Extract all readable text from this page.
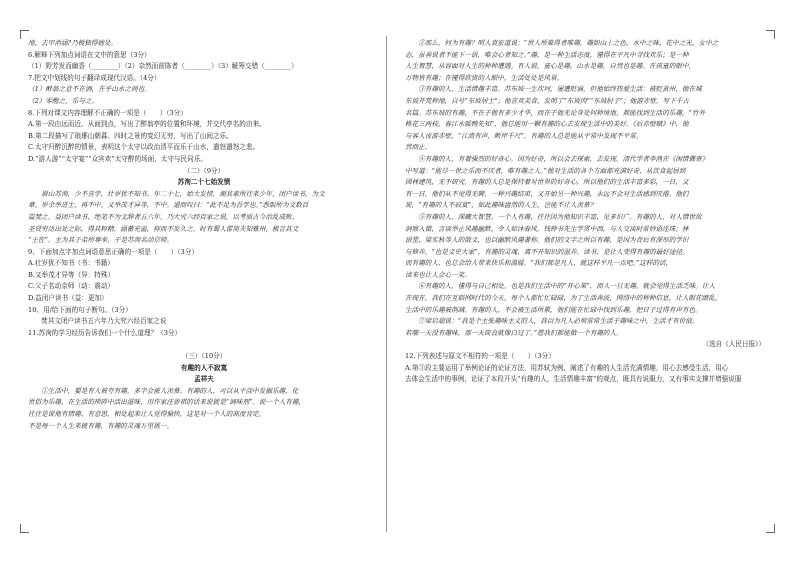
地，去甲消涵?乃极独得她处。

6.解释下列加点词语在文中的意思（3分）

（1）野芳发而幽香（________）（2）杂然而前陈者（________）（3）觥筹交错（________）

7.把文中划线的句子翻译成现代汉语。（4分）

（1）醉翁之意不在酒，在乎山水之间也。

（2）零醒之，乐与之。

8.下列对课文内容理解不正确的一项是（　　）（3分）

A.第一段由远而近、从面到点，写出了醉翁亭的位置和环境，并交代亭名的由来。

B.第二段描写了琅琊山朝暮、四时之景的变幻无穷，写出了山间之乐。

C.太守归醉沉醉的情景，表明这个太守以政治清平而乐于山水，遣怒遣怒之悲。

D.“游人游”“太守宴””众宾欢“太守醉的场面，太守与民同乐。

（二）（9分）

苏洵二十七始发愤

眉山苏洵，少不喜学，壮岁犹不知书。年二十七，始大发愤，谢其素所往来少年，闭户读书，为文

章。岁余举进士，再不中。又举茂才异等，不中。退而叹曰：“此不足为吾学也。”悉取所为文数百

篇焚之。益闭户读书，绝笔不为文辞者五六年。乃大究六经百家之说，以考质古今治乱成败、

圣贤穷达出处之际，得其粹精，涵蓄充溢，抑而不发久之。时有蜀人雷简夫知雅州，极言其文

“王佐”。主为其子弟所尊奉，于是苏洵名动京师。

9、下面加点字加点词语意思正确的一项是（　　）（3分）

A.壮岁犹不知书（书：书籍）

B.又举茂才异等（异：特殊）

C.父子名动京师（动：震动）

D.益闭户读书（益：更加）

10、用/给下面的句子断句。（3分）

　　焚其文闭户读书五六年乃大究六经百家之说

11.苏洵的学习经历告诉我们一个什么道理？（3分）

（三）（10分）

有趣的人不寂寞

孟祥夫

①生活中，要是有人被夸有趣，多半会被人羡慕。有趣的人，可以从平淡中发掘乐趣，化

世俗为乐趣，在生活的琐碎中活出滋味，用作家汪曾祺的话来说就是“调味剂”。说一个人有趣，

往往是说他有情趣、有意思，相处起来让人觉得愉快，这是对一个人的高度肯定。

不是每一个人生来就有趣，有趣的灵魂万里挑一。

②那么，何为有趣？明人袁宏道说：“世人所难得者唯趣。趣如山上之色，水中之味，花中之光，女中之

态，虽善说者不能下一语，唯会心者知之。”趣，是一种生活态度，懂得在平凡中寻找欢乐；是一种

人生智慧，从容面对人生的种种遭遇。有人说，童心是趣，山水是趣，自然也是趣。在孩童的眼中，

万物皆有趣；在懂得欣赏的人眼中，生活处处是风景。

③有趣的人，生活情趣丰富。苏东坡一生坎坷，屡遭贬谪，但他始终热爱生活：被贬黄州，他在城

东坡开荒种地，自号“东坡居士”；他喜欢美食，发明了“东坡肉”“东坡肘子”；他游赤壁，写下千古

名篇。苏东坡的有趣，不在于他有多少才华，而在于他无论身处何种境地，都能找到生活的乐趣，“竹外

桃花三两枝，春江水暖鸭先知”，他总能用一颗有趣的心去发现生活中的美好。《后赤壁赋》中，他

与客人夜游赤壁，“江流有声，断岸千尺”，有趣的人总是能从平常中发现不平常。

然而止。

④有趣的人，有着强烈的好奇心。因为好奇，所以会去探索，去发现。清代学者李渔在《闲情偶寄》

中写道：“能尽一世之乐而不厌者，唯有趣之人。”他对生活的各个方面都充满好奇，从饮食起居到

园林建筑，无不研究。有趣的人总是保持着对世界的好奇心，所以他们的生活丰富多彩，一日，又

有一日，他们从不觉得无聊，一种兴趣结束，又开始另一种兴趣，永远不会对生活感到厌倦。他们

说，“有趣的人不寂寞”，如此趣味盎然的人生，岂能不让人羡慕？

⑤有趣的人，深藏大智慧。一个人有趣，往往因为他知识丰富、见多识广。有趣的人，对人情世故

洞察入微，言谈举止风趣幽默，令人如沐春风。钱钟书先生学贯中西，与人交谈时常妙语连珠；林

语堂、梁实秋等人的散文，也以幽默风趣著称。他们的文字之所以有趣，是因为背后有深厚的学识

与修养。“也是文史大家”，有趣的灵魂，离不开知识的滋养。读书，是让人变得有趣的最好途径。

而有趣的人，也总会给人带来快乐和温暖。“我们都是凡人，就这样平凡一点吧。”这样的话，

读来也让人会心一笑。

⑥有趣的人，懂得与自己相处。也是我们生活中的“开心果”，而人一旦无趣，就会觉得生活乏味。让人

在现在，我们在互联网时代的今天，每个人都忙忙碌碌，为了生活奔波，网络中的种种信息，让人眼花缭乱，

生活中的乐趣被削减。有趣的人，不会被生活所累，他们能在忙碌中找到乐趣，把日子过得有声有色。

⑦梁启超说：“我是个主张趣味主义的人，我以为凡人必须常常生活于趣味之中，生活才有价值。

若哪一天没有趣味，那一天简直就像白过了。”愿我们都能做一个有趣的人。

（选自《人民日报》）

12.下列表述与原文不相符的一项是（　　）（3分）

A.第③段主要运用了举例论证的论证方法，用苏轼为例，阐述了有趣的人生活充满情趣，用心去感受生活，用心

去体会生活中的事例，论证了本段开头“有趣的人，生活情趣丰富”的观点，既具有说服力，又有事实支撑并增强说服
